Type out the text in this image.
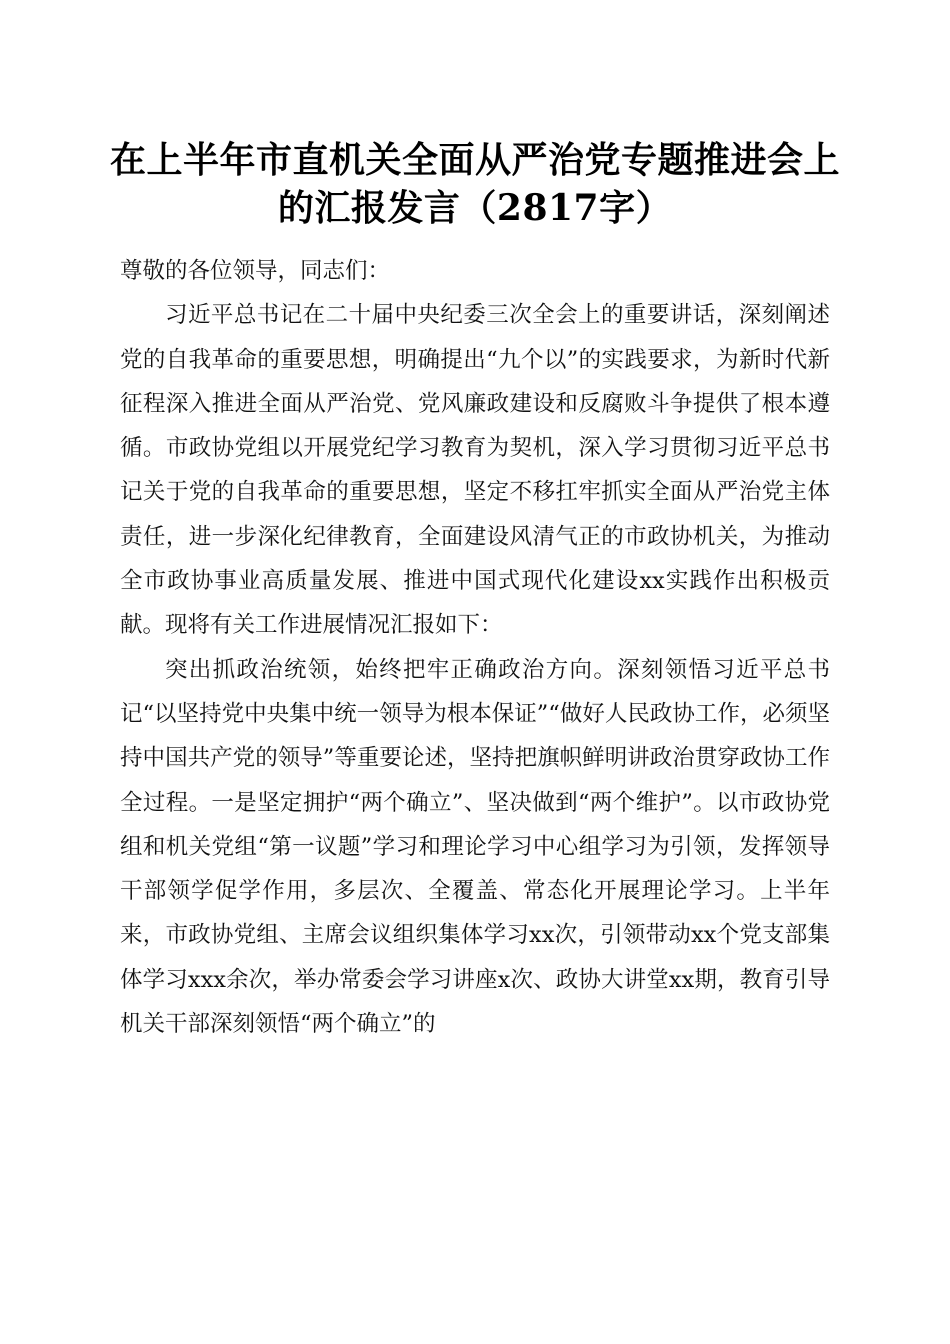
在上半年市直机关全面从严治党专题推进会上
的汇报发言（2817字）

尊敬的各位领导，同志们：

习近平总书记在二十届中央纪委三次全会上的重要讲话，深刻阐述党的自我革命的重要思想，明确提出“九个以”的实践要求，为新时代新征程深入推进全面从严治党、党风廉政建设和反腐败斗争提供了根本遵循。市政协党组以开展党纪学习教育为契机，深入学习贯彻习近平总书记关于党的自我革命的重要思想，坚定不移扛牢抓实全面从严治党主体责任，进一步深化纪律教育，全面建设风清气正的市政协机关，为推动全市政协事业高质量发展、推进中国式现代化建设xx实践作出积极贡献。现将有关工作进展情况汇报如下：

突出抓政治统领，始终把牢正确政治方向。深刻领悟习近平总书记“以坚持党中央集中统一领导为根本保证”“做好人民政协工作，必须坚持中国共产党的领导”等重要论述，坚持把旗帜鲜明讲政治贯穿政协工作全过程。一是坚定拥护“两个确立”、坚决做到“两个维护”。以市政协党组和机关党组“第一议题”学习和理论学习中心组学习为引领，发挥领导干部领学促学作用，多层次、全覆盖、常态化开展理论学习。上半年来，市政协党组、主席会议组织集体学习xx次，引领带动xx个党支部集体学习xxx余次，举办常委会学习讲座x次、政协大讲堂xx期，教育引导机关干部深刻领悟“两个确立”的
